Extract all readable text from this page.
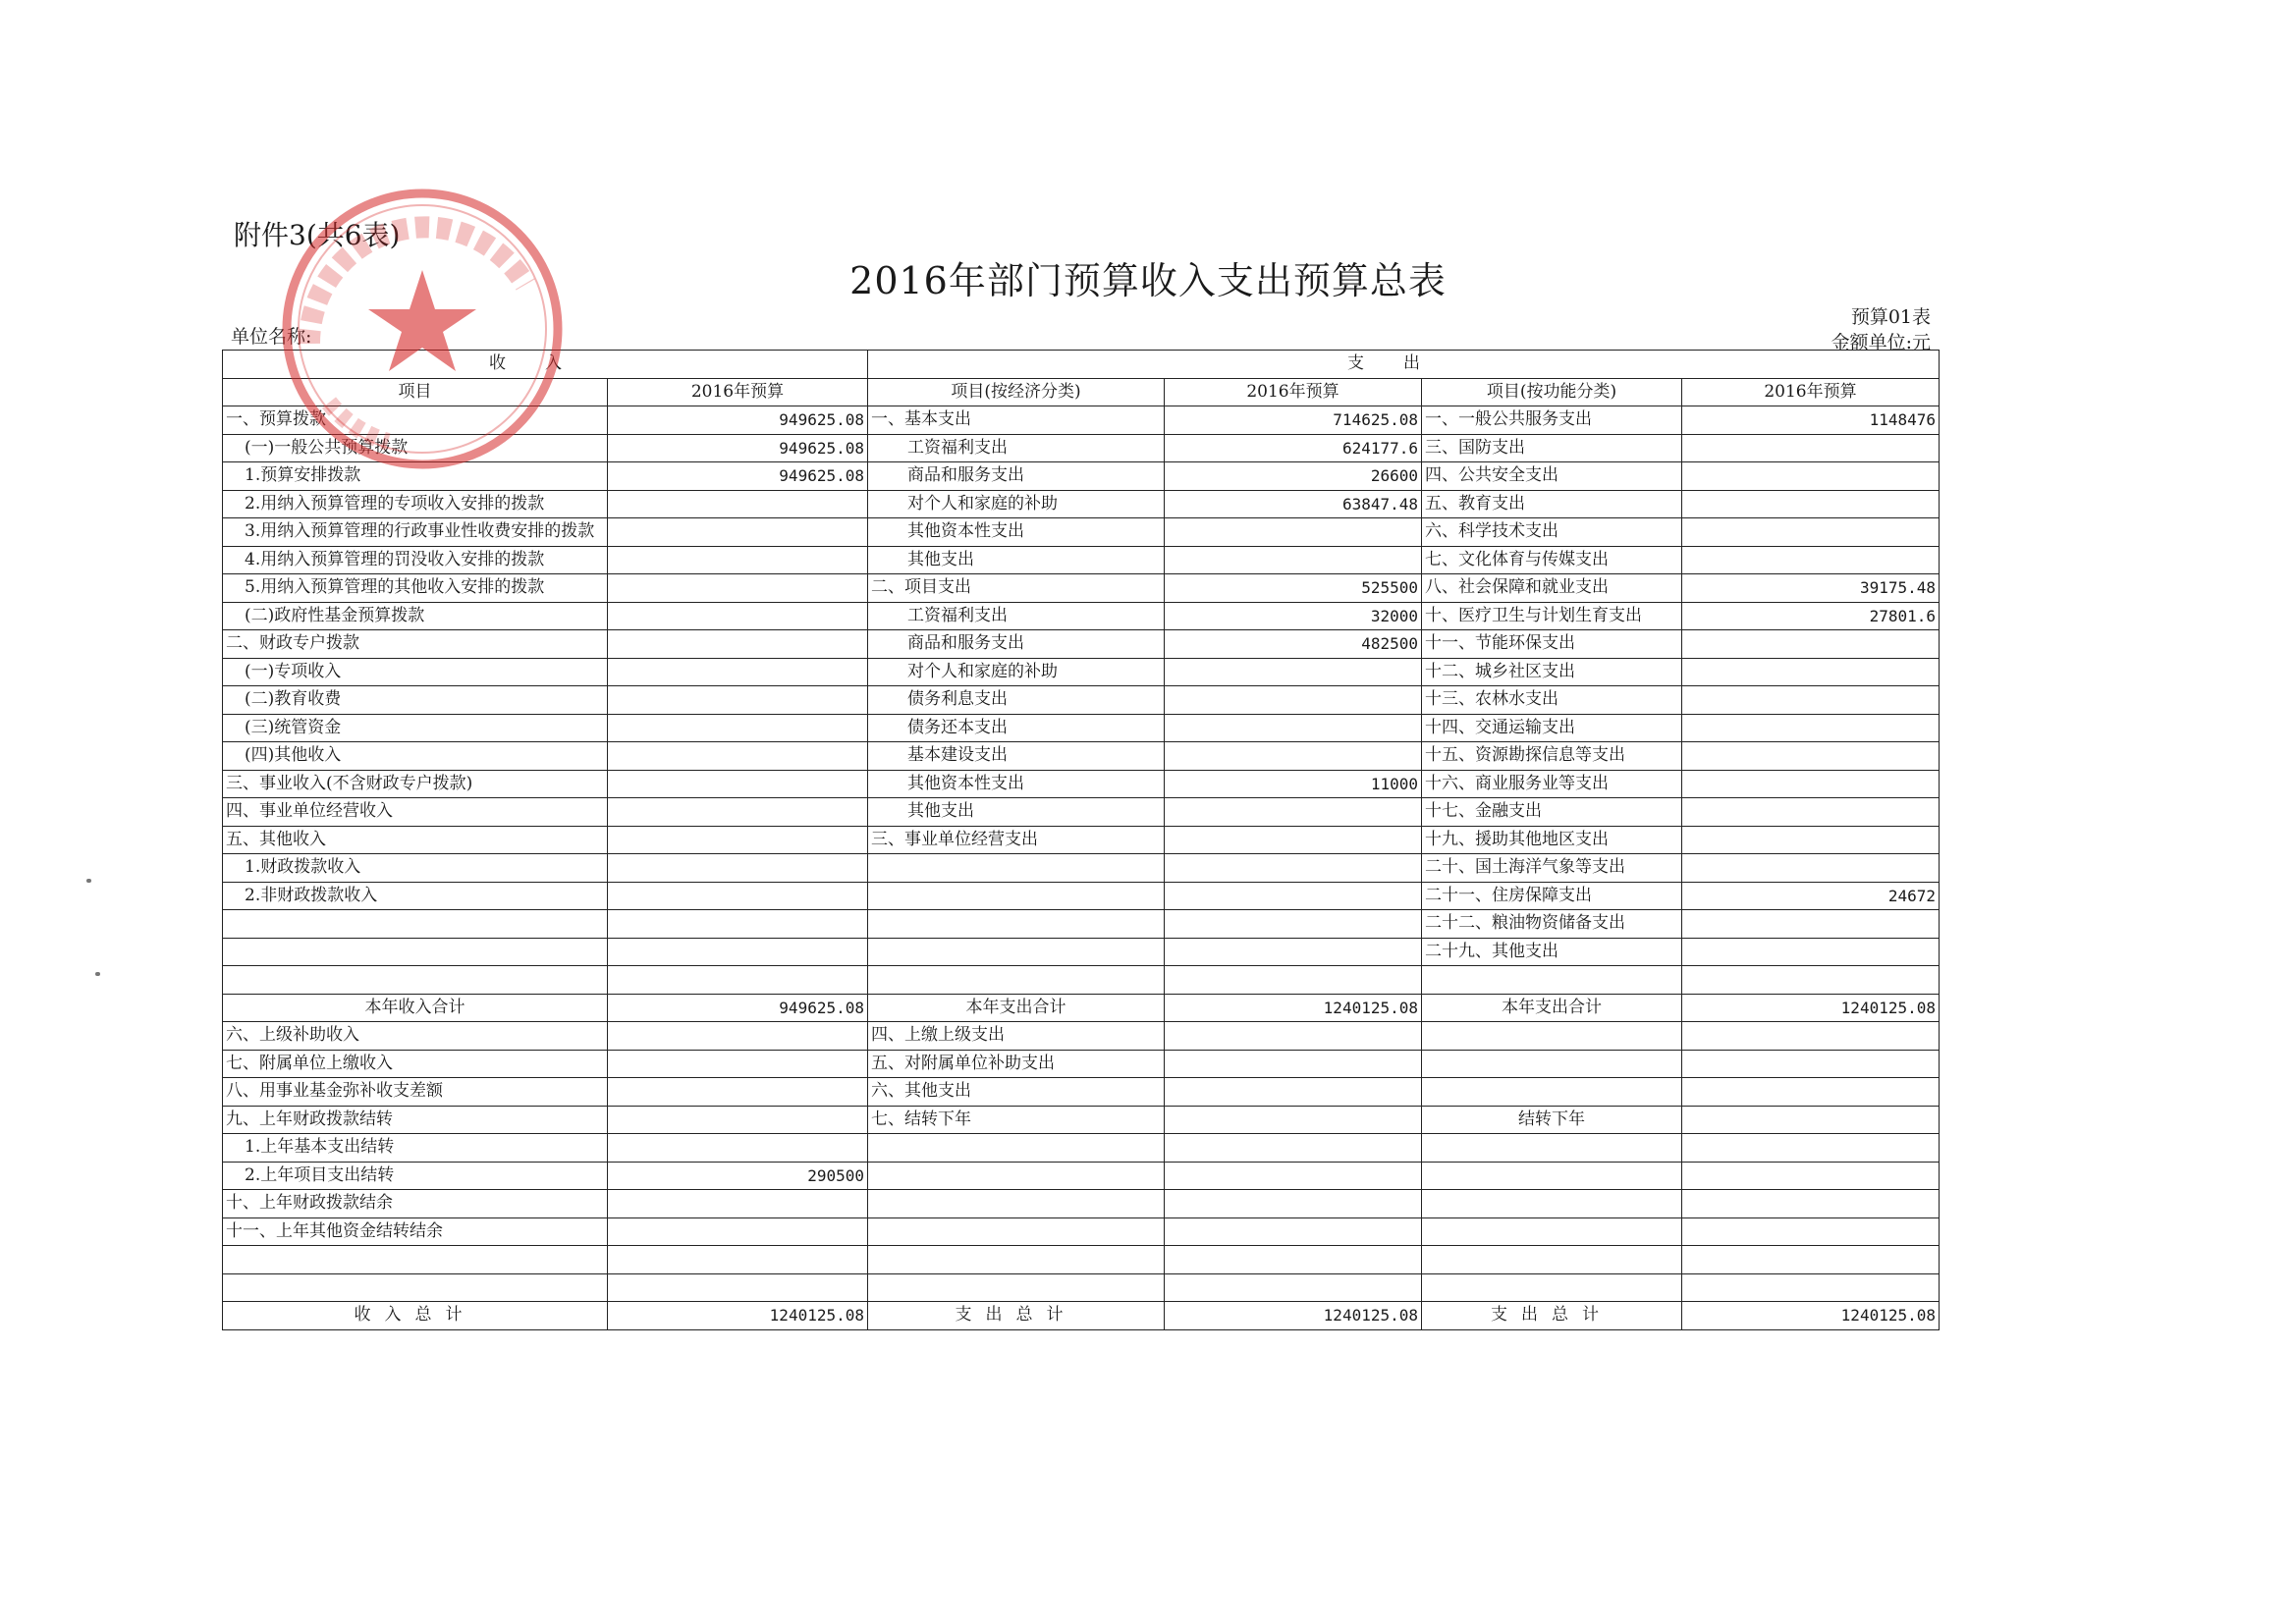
附件3(共6表)
2016年部门预算收入支出预算总表
单位名称:
预算01表
金额单位:元
收入		支出			
项目	2016年预算	项目(按经济分类)	2016年预算	项目(按功能分类)	2016年预算
一、预算拨款	949625.08	一、基本支出	714625.08	一、一般公共服务支出	1148476
(一)一般公共预算拨款	949625.08	工资福利支出	624177.6	三、国防支出	
1.预算安排拨款	949625.08	商品和服务支出	26600	四、公共安全支出	
2.用纳入预算管理的专项收入安排的拨款		对个人和家庭的补助	63847.48	五、教育支出	
3.用纳入预算管理的行政事业性收费安排的拨款		其他资本性支出		六、科学技术支出	
4.用纳入预算管理的罚没收入安排的拨款		其他支出		七、文化体育与传媒支出	
5.用纳入预算管理的其他收入安排的拨款		二、项目支出	525500	八、社会保障和就业支出	39175.48
(二)政府性基金预算拨款		工资福利支出	32000	十、医疗卫生与计划生育支出	27801.6
二、财政专户拨款		商品和服务支出	482500	十一、节能环保支出	
(一)专项收入		对个人和家庭的补助		十二、城乡社区支出	
(二)教育收费		债务利息支出		十三、农林水支出	
(三)统管资金		债务还本支出		十四、交通运输支出	
(四)其他收入		基本建设支出		十五、资源勘探信息等支出	
三、事业收入(不含财政专户拨款)		其他资本性支出	11000	十六、商业服务业等支出	
四、事业单位经营收入		其他支出		十七、金融支出	
五、其他收入		三、事业单位经营支出		十九、援助其他地区支出	
1.财政拨款收入				二十、国土海洋气象等支出	
2.非财政拨款收入				二十一、住房保障支出	24672
				二十二、粮油物资储备支出	
				二十九、其他支出	

本年收入合计	949625.08	本年支出合计	1240125.08	本年支出合计	1240125.08
六、上级补助收入		四、上缴上级支出			
七、附属单位上缴收入		五、对附属单位补助支出			
八、用事业基金弥补收支差额		六、其他支出			
九、上年财政拨款结转		七、结转下年		结转下年	
1.上年基本支出结转					
2.上年项目支出结转	290500				
十、上年财政拨款结余					
十一、上年其他资金结转结余					

收入总计	1240125.08	支出总计	1240125.08	支出总计	1240125.08
